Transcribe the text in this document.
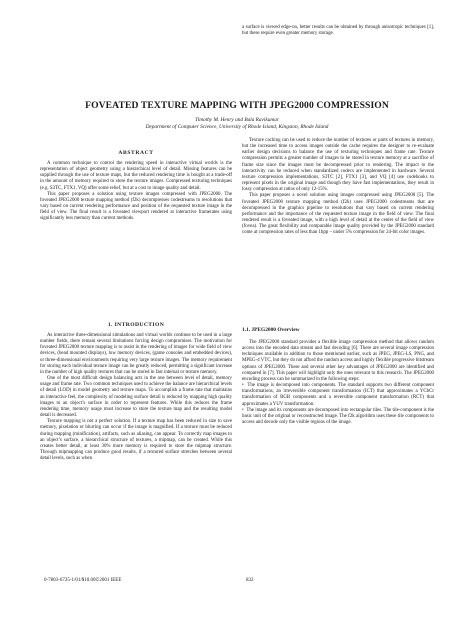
a surface is viewed edge-on, better results can be obtained by through anisotropic techniques [1], but these require even greater memory storage.

FOVEATED TEXTURE MAPPING WITH JPEG2000 COMPRESSION
Timothy M. Henry and Bala Ravikumar
Department of Computer Science, University of Rhode Island, Kingston, Rhode Island
ABSTRACT

A common technique to control the rendering speed in interactive virtual worlds is the representation of object geometry using a hierarchical level of detail. Missing features can be supplied through the use of texture maps, but the reduced rendering time is bought at a trade-off in the amount of memory required to store the texture images. Compressed texturing techniques (e.g. S3TC, FTX1, VQ) offer some relief, but at a cost to image quality and detail.

This paper proposes a solution using texture images compressed with JPEG2000. The foveated JPEG2000 texture mapping method (f2k) decompresses codestreams to resolutions that vary based on current rendering performance and position of the requested texture image in the field of view. The final result is a foveated viewport rendered at interactive framerates using significantly less memory than current methods.

1. INTRODUCTION

As interactive three-dimensional simulations and virtual worlds continue to be used in a large number fields, there remain several limitations forcing design compromises. The motivation for foveated JPEG2000 texture mapping is to assist in the rendering of images for wide field of view devices, (head mounted displays), low memory devices, (game consoles and embedded devices), or three-dimensional environments requiring very large texture images. The memory requirement for storing each individual texture image can be greatly reduced, permitting a significant increase in the number of high quality textures that can be stored in fast internal or texture memory.

One of the most difficult design balancing acts in the one between level of detail, memory usage and frame rate. Two common techniques used to achieve the balance are hierarchical levels of detail (LOD) in model geometry and texture maps. To accomplish a frame rate that maintains an interactive feel, the complexity of modeling surface detail is reduced by mapping high quality images to an object’s surface in order to represent features. While this reduces the frame rendering time, memory usage must increase to store the texture map and the resulting model detail is decreased.

Texture mapping is not a perfect solution. If a texture map has been reduced in size to save memory, pixelation or blurring can occur if the image is magnified. If a texture must be reduced during mapping (minification), artifacts, such as aliasing, can appear. To correctly map images to an object’s surface, a hierarchical structure of textures, a mipmap, can be created. While this creates better detail, at least 30% more memory is required to store the mipmap structure. Through mipmapping can produce good results, if a textured surface stretches between several detail levels, such as when

Texture caching can be used to reduce the number of textures or parts of textures in memory, but the increased time to access images outside the cache requires the designer to re-evaluate earlier design decisions to balance the use of texturing techniques and frame rate. Texture compression permits a greater number of images to be stored in texture memory at a sacrifice of frame size since the images must be decompressed prior to rendering. The impact to the interactivity can be reduced when standardized codecs are implemented in hardware. Several texture compression implementations, S3TC [2], FTX1 [3], and VQ [4] use codebooks to represent pixels in the original image and though they have fast implementations, they result in lossy compression at ratios of only 12-15%.

This paper proposes a novel solution using images compressed using JPEG2000 [5]. The foveated JPEG2000 texture mapping method (f2k) uses JPEG2000 codestreams that are decompressed in the graphics pipeline to resolutions that vary based on current rendering performance and the importance of the requested texture image in the field of view. The final rendered result is a foveated image, with a high level of detail at the center of the field of view (fovea). The great flexibility and comparable image quality provided by the JPEG2000 standard come at compression rates of less than 1bpp – under 5% compression for 24-bit color images.

1.1. JPEG2000 Overview

The JPEG2000 standard provides a flexible image compression method that allows random access into the encoded data stream and fast decoding [6]. There are several image compression techniques available in addition to those mentioned earlier, such as JPEG, JPEG-LS, PNG, and MPEG-4 VTC, but they do not afford the random access and highly flexible progressive bitstream options of JPEG2000. These and several other key advantages of JPEG2000 are identified and compared in [7]. This paper will highlight only the ones relevant to this research. The JPEG2000 encoding process can be summarized in the following steps:

•  The image is decomposed into components. The standard supports two different component transformations, an irreversible component transformation (ICT) that approximates a YCbCr transformation of RGB components and a reversible component transformation (RCT) that approximates a YUV transformation.

•  The image and its components are decomposed into rectangular tiles. The tile-component is the basic unit of the original or reconstructed image. The f2k algorithm uses these tile components to access and decode only the visible regions of the image.

0-7803-6725-1/01/$10.00©2001 IEEE	832
